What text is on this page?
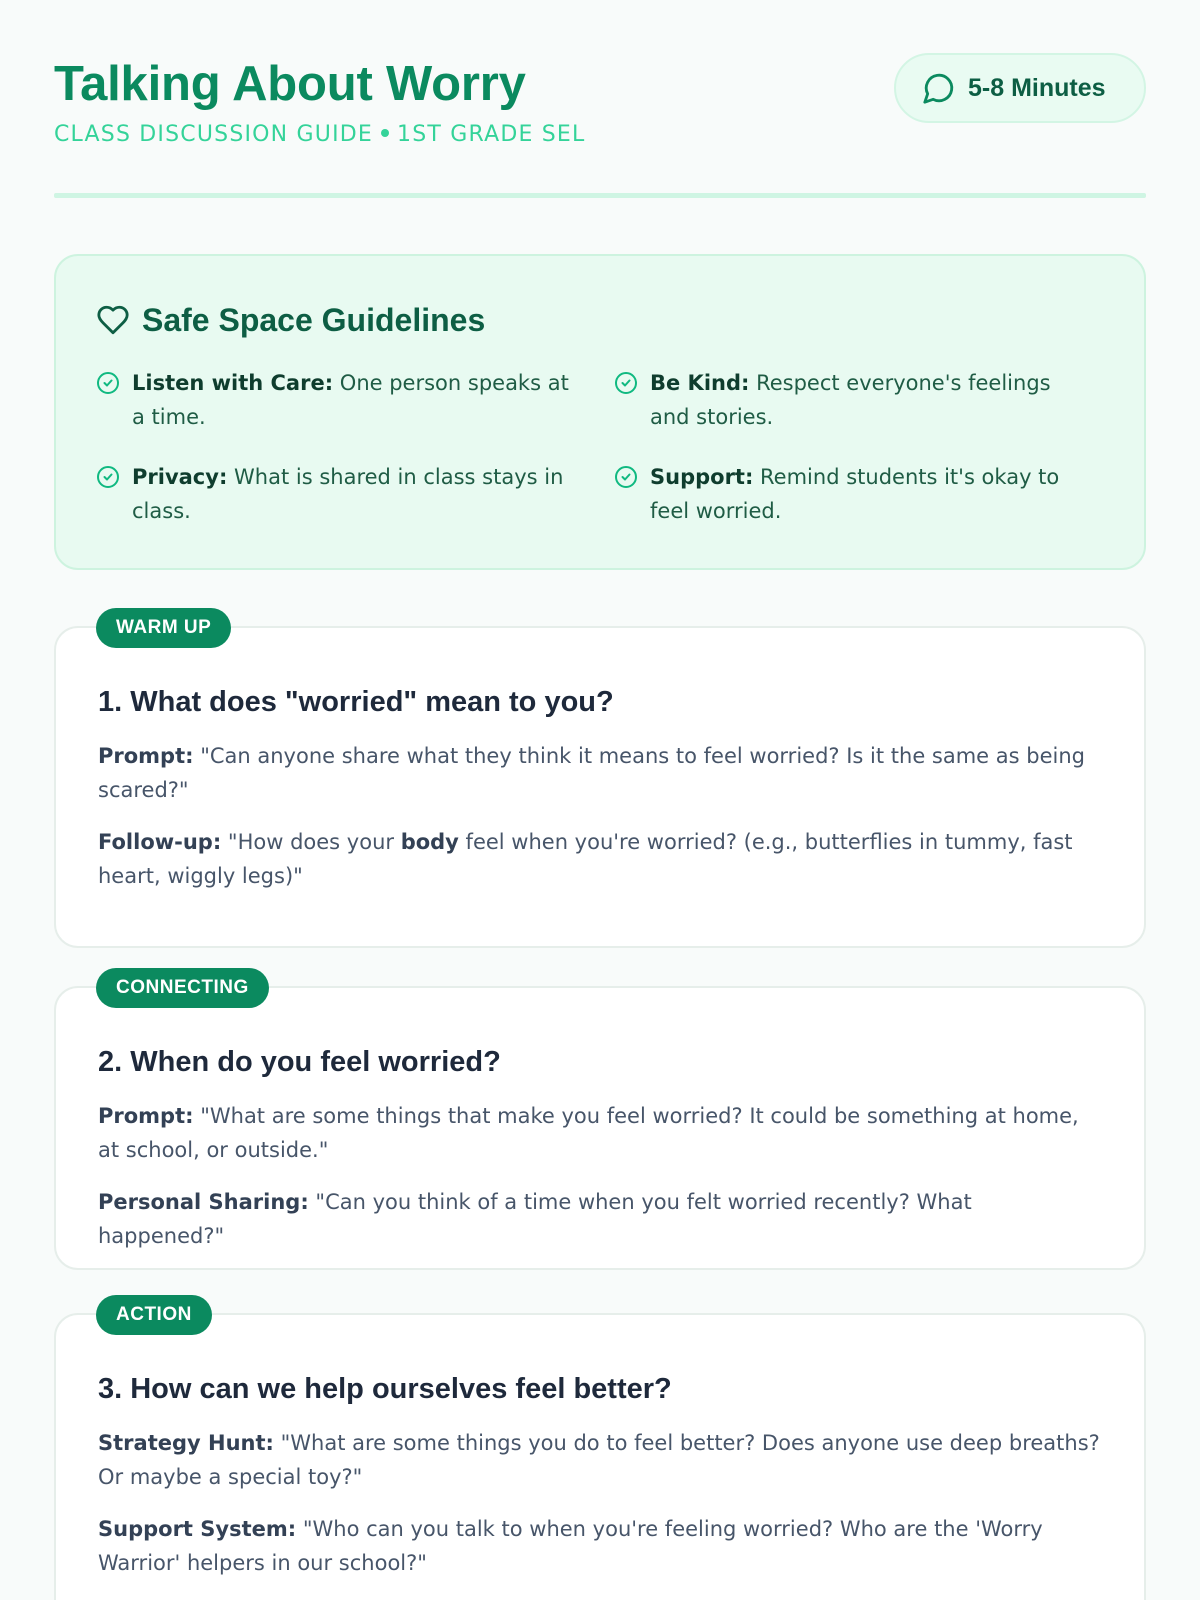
Talking About Worry
CLASS DISCUSSION GUIDE 1ST GRADE SEL
5-8 Minutes
Safe Space Guidelines
Listen with Care: One person speaks at a time.
Be Kind: Respect everyone's feelings and stories.
Privacy: What is shared in class stays in class.
Support: Remind students it's okay to feel worried.
WARM UP
1. What does "worried" mean to you?

Prompt: "Can anyone share what they think it means to feel worried? Is it the same as being scared?"

Follow-up: "How does your body feel when you're worried? (e.g., butterflies in tummy, fast heart, wiggly legs)"

CONNECTING
2. When do you feel worried?

Prompt: "What are some things that make you feel worried? It could be something at home, at school, or outside."

Personal Sharing: "Can you think of a time when you felt worried recently? What happened?"

ACTION
3. How can we help ourselves feel better?

Strategy Hunt: "What are some things you do to feel better? Does anyone use deep breaths? Or maybe a special toy?"

Support System: "Who can you talk to when you're feeling worried? Who are the 'Worry Warrior' helpers in our school?"
